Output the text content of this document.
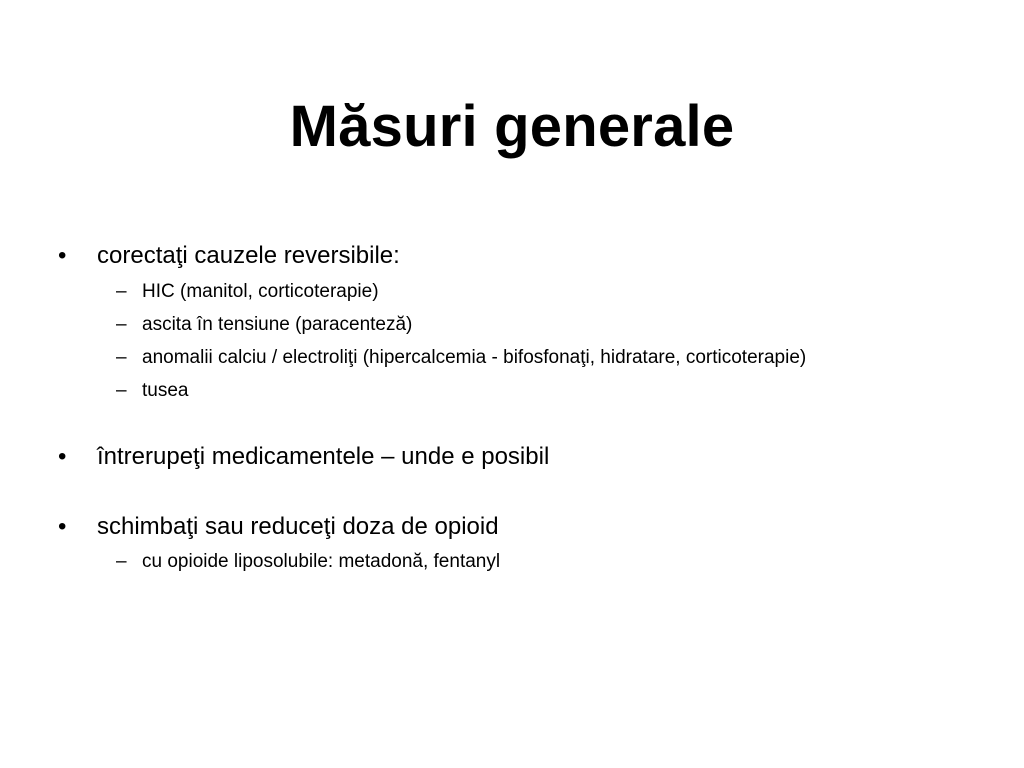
Măsuri generale
• corectaţi cauzele reversibile:
– HIC (manitol, corticoterapie)
– ascita în tensiune (paracenteză)
– anomalii calciu / electroliţi (hipercalcemia - bifosfonaţi, hidratare, corticoterapie)
– tusea
• întrerupeţi medicamentele – unde e posibil
• schimbaţi sau reduceţi doza de opioid
– cu opioide liposolubile: metadonă, fentanyl
